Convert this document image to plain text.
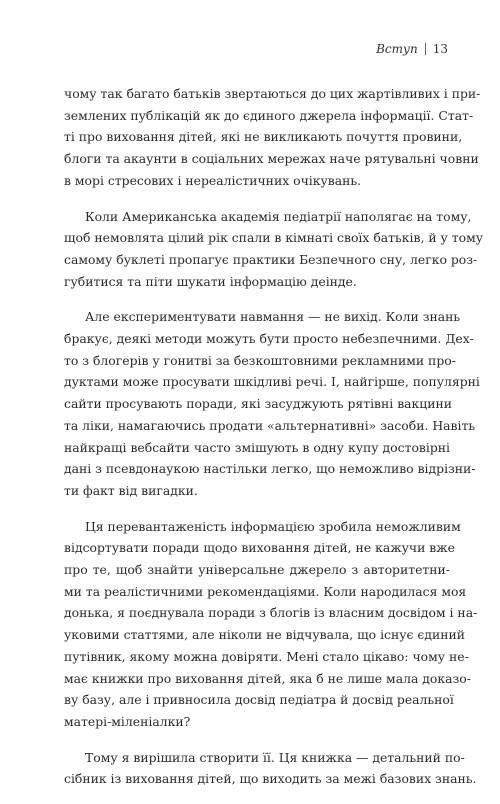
Вступ 13
чому так багато батьків звертаються до цих жартівливих і при-
землених публікацій як до єдиного джерела інформації. Стат-
ті про виховання дітей, які не викликають почуття провини,
блоги та акаунти в соціальних мережах наче рятувальні човни
в морі стресових і нереалістичних очікувань.
Коли Американська академія педіатрії наполягає на тому,
щоб немовлята цілий рік спали в кімнаті своїх батьків, й у тому
самому буклеті пропагує практики Безпечного сну, легко роз-
губитися та піти шукати інформацію деінде.
Але експериментувати навмання — не вихід. Коли знань
бракує, деякі методи можуть бути просто небезпечними. Дех-
то з блогерів у гонитві за безкоштовними рекламними про-
дуктами може просувати шкідливі речі. І, найгірше, популярні
сайти просувають поради, які засуджують рятівні вакцини
та ліки, намагаючись продати «альтернативні» засоби. Навіть
найкращі вебсайти часто змішують в одну купу достовірні
дані з псевдонаукою настільки легко, що неможливо відрізни-
ти факт від вигадки.
Ця перевантаженість інформацією зробила неможливим
відсортувати поради щодо виховання дітей, не кажучи вже
про те, щоб знайти універсальне джерело з авторитетни-
ми та реалістичними рекомендаціями. Коли народилася моя
донька, я поєднувала поради з блогів із власним досвідом і на-
уковими статтями, але ніколи не відчувала, що існує єдиний
путівник, якому можна довіряти. Мені стало цікаво: чому не-
має книжки про виховання дітей, яка б не лише мала доказо-
ву базу, але і привносила досвід педіатра й досвід реальної
матері-міленіалки?
Тому я вирішила створити її. Ця книжка — детальний по-
сібник із виховання дітей, що виходить за межі базових знань.
